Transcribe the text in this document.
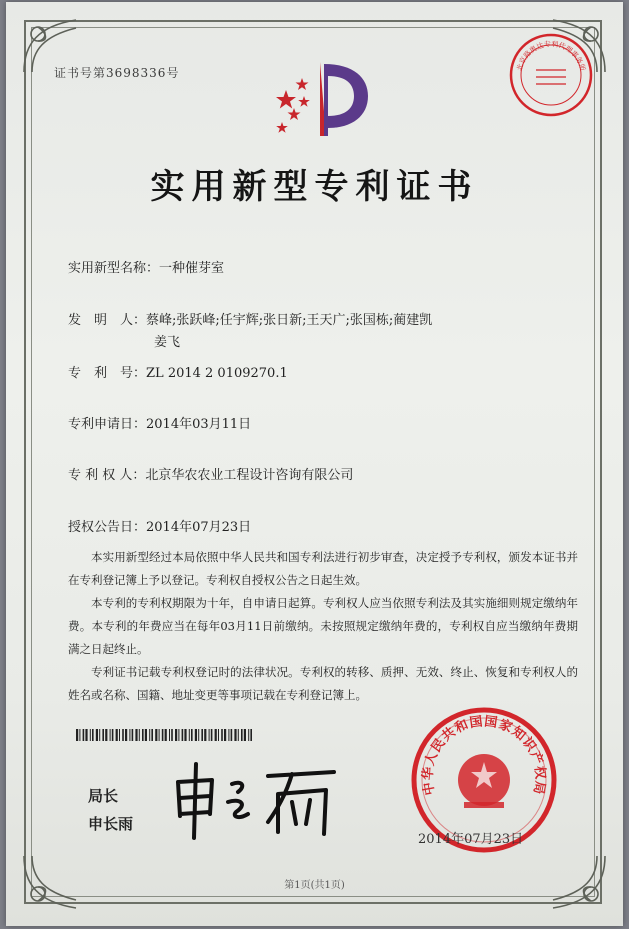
证书号第3698336号
实用新型专利证书
实用新型名称：一种催芽室
发　明　人：蔡峰;张跃峰;任宇辉;张日新;王天广;张国栋;蔺建凯
姜飞
专　利　号：ZL 2014 2 0109270.1
专利申请日：2014年03月11日
专 利 权 人：北京华农农业工程设计咨询有限公司
授权公告日：2014年07月23日

本实用新型经过本局依照中华人民共和国专利法进行初步审查，决定授予专利权，颁发本证书并在专利登记簿上予以登记。专利权自授权公告之日起生效。

本专利的专利权期限为十年，自申请日起算。专利权人应当依照专利法及其实施细则规定缴纳年费。本专利的年费应当在每年03月11日前缴纳。未按照规定缴纳年费的，专利权自应当缴纳年费期满之日起终止。

专利证书记载专利权登记时的法律状况。专利权的转移、质押、无效、终止、恢复和专利权人的姓名或名称、国籍、地址变更等事项记载在专利登记簿上。

局长
申长雨
中华人民共和国国家知识产权局
2014年07月23日
北京路奥达专利代理事务所
第1页(共1页)
